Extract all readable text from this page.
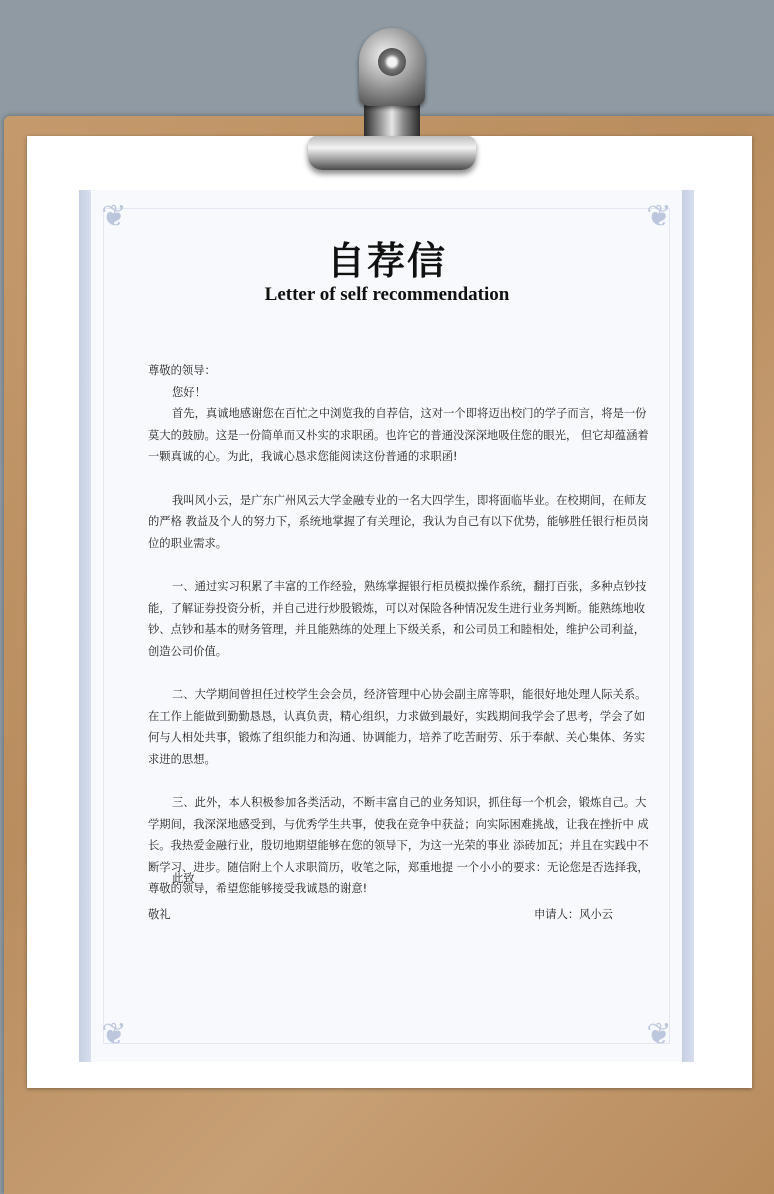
❦	❦
❦	❦
自荐信
Letter of self recommendation

尊敬的领导：

您好！

首先，真诚地感谢您在百忙之中浏览我的自荐信，这对一个即将迈出校门的学子而言，将是一份莫大的鼓励。这是一份简单而又朴实的求职函。也许它的普通没深深地吸住您的眼光， 但它却蕴涵着一颗真诚的心。为此，我诚心恳求您能阅读这份普通的求职函!

我叫风小云，是广东广州风云大学金融专业的一名大四学生，即将面临毕业。在校期间，在师友的严格 教益及个人的努力下，系统地掌握了有关理论，我认为自己有以下优势，能够胜任银行柜员岗位的职业需求。

一、通过实习积累了丰富的工作经验，熟练掌握银行柜员模拟操作系统，翻打百张，多种点钞技能，了解证券投资分析，并自己进行炒股锻炼，可以对保险各种情况发生进行业务判断。能熟练地收钞、点钞和基本的财务管理，并且能熟练的处理上下级关系，和公司员工和睦相处，维护公司利益，创造公司价值。

二、大学期间曾担任过校学生会会员，经济管理中心协会副主席等职，能很好地处理人际关系。在工作上能做到勤勤恳恳，认真负责，精心组织，力求做到最好，实践期间我学会了思考，学会了如何与人相处共事，锻炼了组织能力和沟通、协调能力，培养了吃苦耐劳、乐于奉献、关心集体、务实求进的思想。

三、此外，本人积极参加各类活动，不断丰富自己的业务知识，抓住每一个机会，锻炼自己。大学期间，我深深地感受到，与优秀学生共事，使我在竞争中获益；向实际困难挑战，让我在挫折中 成长。我热爱金融行业，殷切地期望能够在您的领导下，为这一光荣的事业 添砖加瓦；并且在实践中不断学习、进步。随信附上个人求职简历，收笔之际，郑重地提 一个小小的要求：无论您是否选择我，尊敬的领导，希望您能够接受我诚恳的谢意!

此致
敬礼	申请人：风小云
